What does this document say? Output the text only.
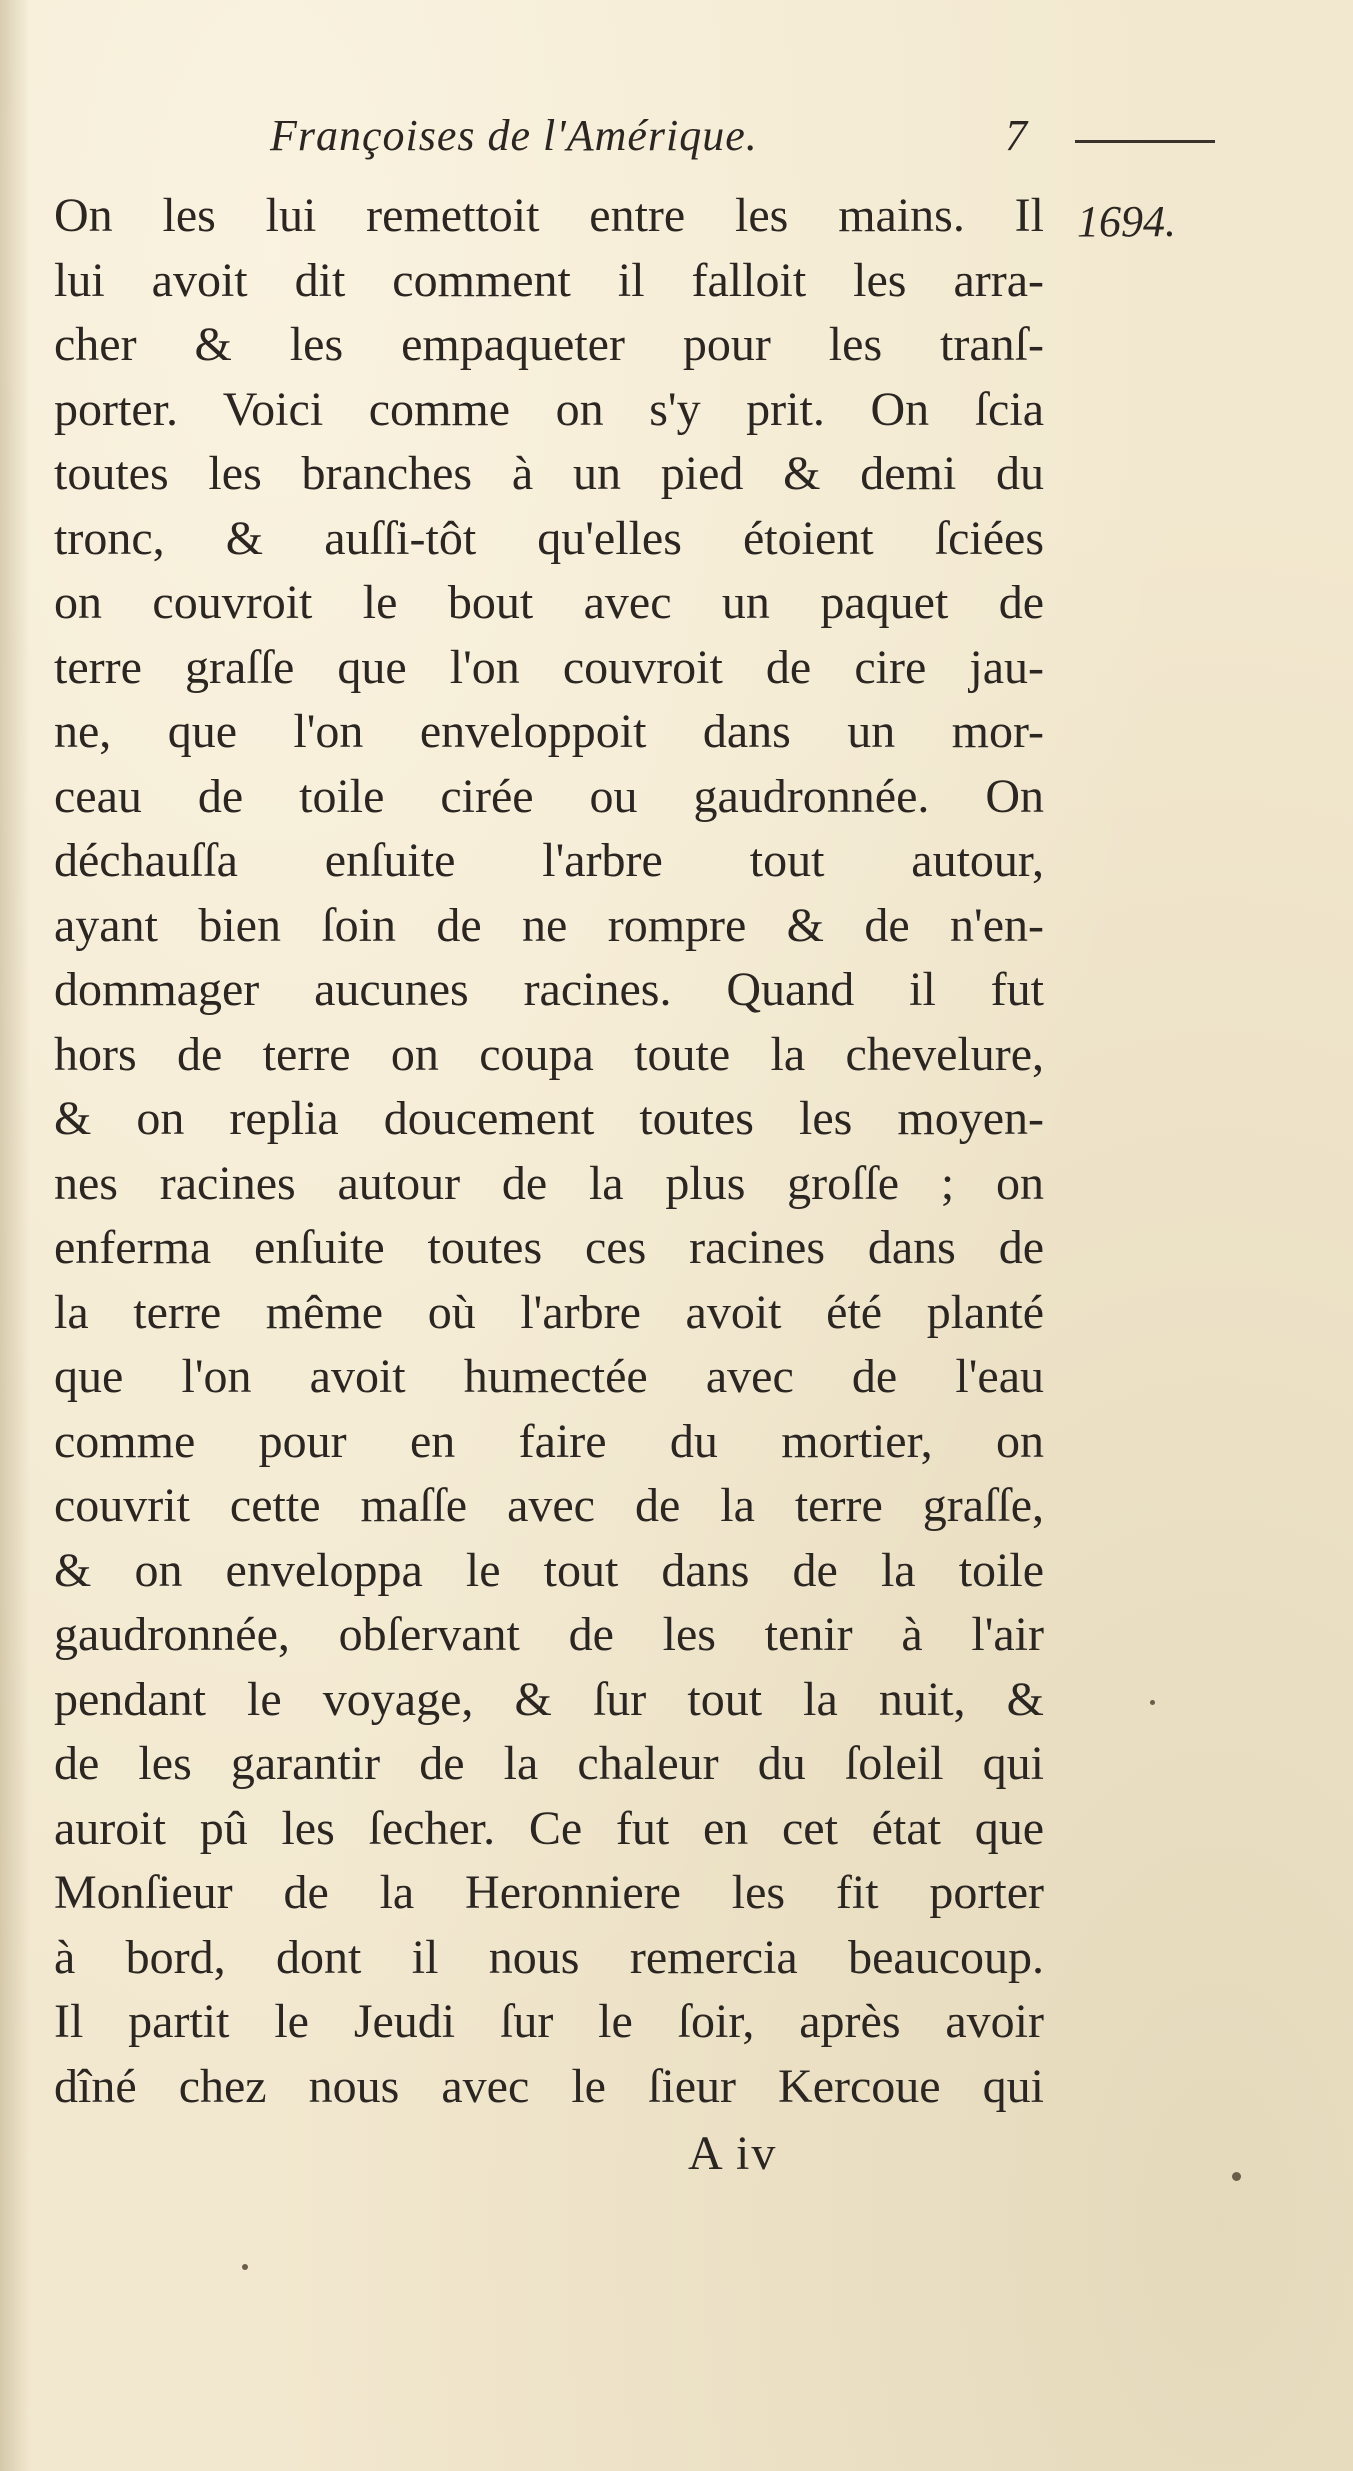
Françoises de l'Amérique.	7
1694.
On les lui remettoit entre les mains. Il
lui avoit dit comment il falloit les arra-
cher & les empaqueter pour les tranſ-
porter. Voici comme on s'y prit. On ſcia
toutes les branches à un pied & demi du
tronc, & auſſi-tôt qu'elles étoient ſciées
on couvroit le bout avec un paquet de
terre graſſe que l'on couvroit de cire jau-
ne, que l'on enveloppoit dans un mor-
ceau de toile cirée ou gaudronnée. On
déchauſſa enſuite l'arbre tout autour,
ayant bien ſoin de ne rompre & de n'en-
dommager aucunes racines. Quand il fut
hors de terre on coupa toute la chevelure,
& on replia doucement toutes les moyen-
nes racines autour de la plus groſſe ; on
enferma enſuite toutes ces racines dans de
la terre même où l'arbre avoit été planté
que l'on avoit humectée avec de l'eau
comme pour en faire du mortier, on
couvrit cette maſſe avec de la terre graſſe,
& on enveloppa le tout dans de la toile
gaudronnée, obſervant de les tenir à l'air
pendant le voyage, & ſur tout la nuit, &
de les garantir de la chaleur du ſoleil qui
auroit pû les ſecher. Ce fut en cet état que
Monſieur de la Heronniere les fit porter
à bord, dont il nous remercia beaucoup.
Il partit le Jeudi ſur le ſoir, après avoir
dîné chez nous avec le ſieur Kercoue qui
A iv
